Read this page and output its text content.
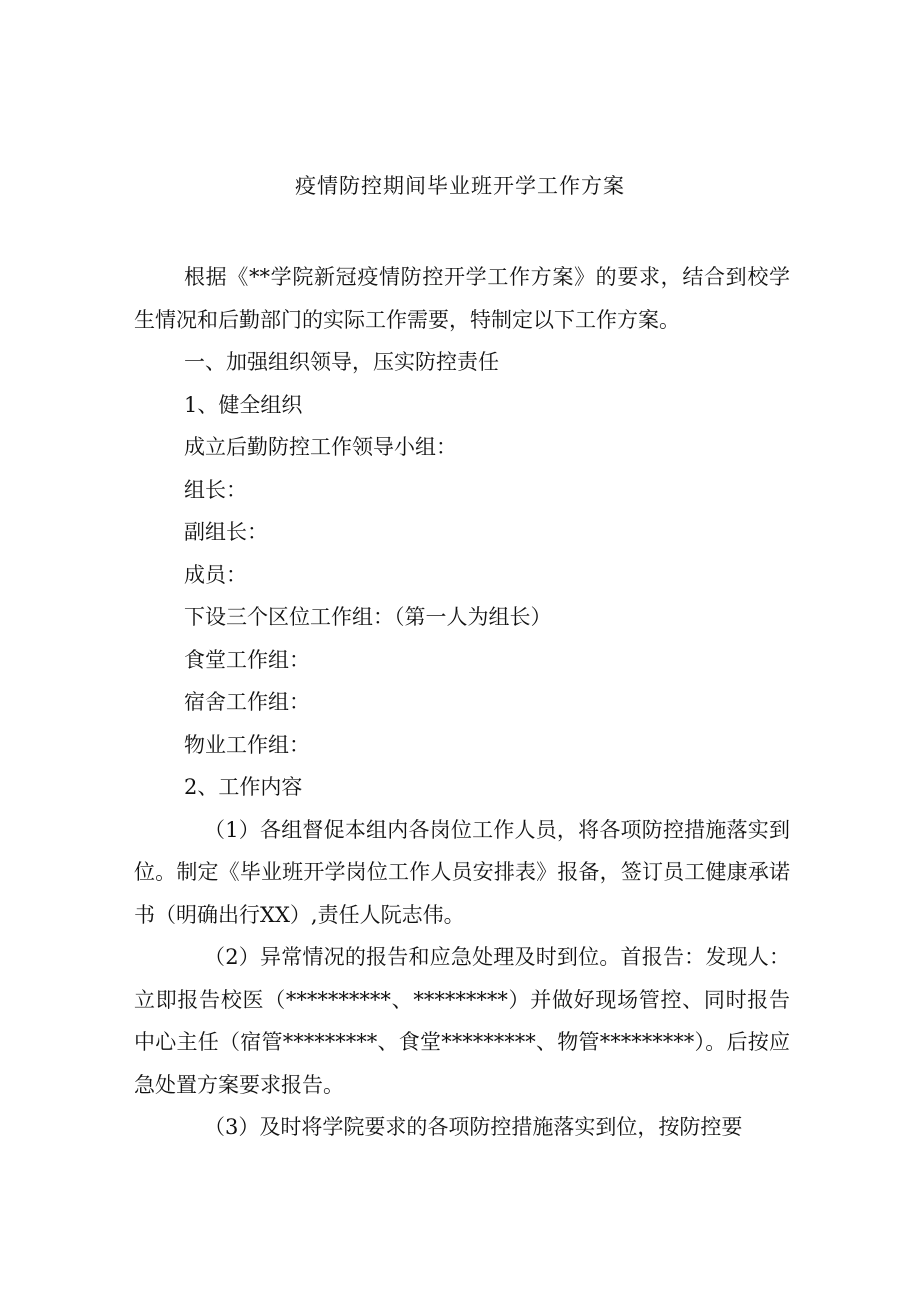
疫情防控期间毕业班开学工作方案

根据《**学院新冠疫情防控开学工作方案》的要求，结合到校学生情况和后勤部门的实际工作需要，特制定以下工作方案。

一、加强组织领导，压实防控责任

1、健全组织

成立后勤防控工作领导小组：

组长：

副组长：

成员：

下设三个区位工作组：（第一人为组长）

食堂工作组：

宿舍工作组：

物业工作组：

2、工作内容

（1）各组督促本组内各岗位工作人员，将各项防控措施落实到位。制定《毕业班开学岗位工作人员安排表》报备，签订员工健康承诺书（明确出行XX）,责任人阮志伟。

（2）异常情况的报告和应急处理及时到位。首报告：发现人：立即报告校医（**********、*********）并做好现场管控、同时报告中心主任（宿管*********、食堂*********、物管*********）。后按应急处置方案要求报告。

（3）及时将学院要求的各项防控措施落实到位，按防控要
